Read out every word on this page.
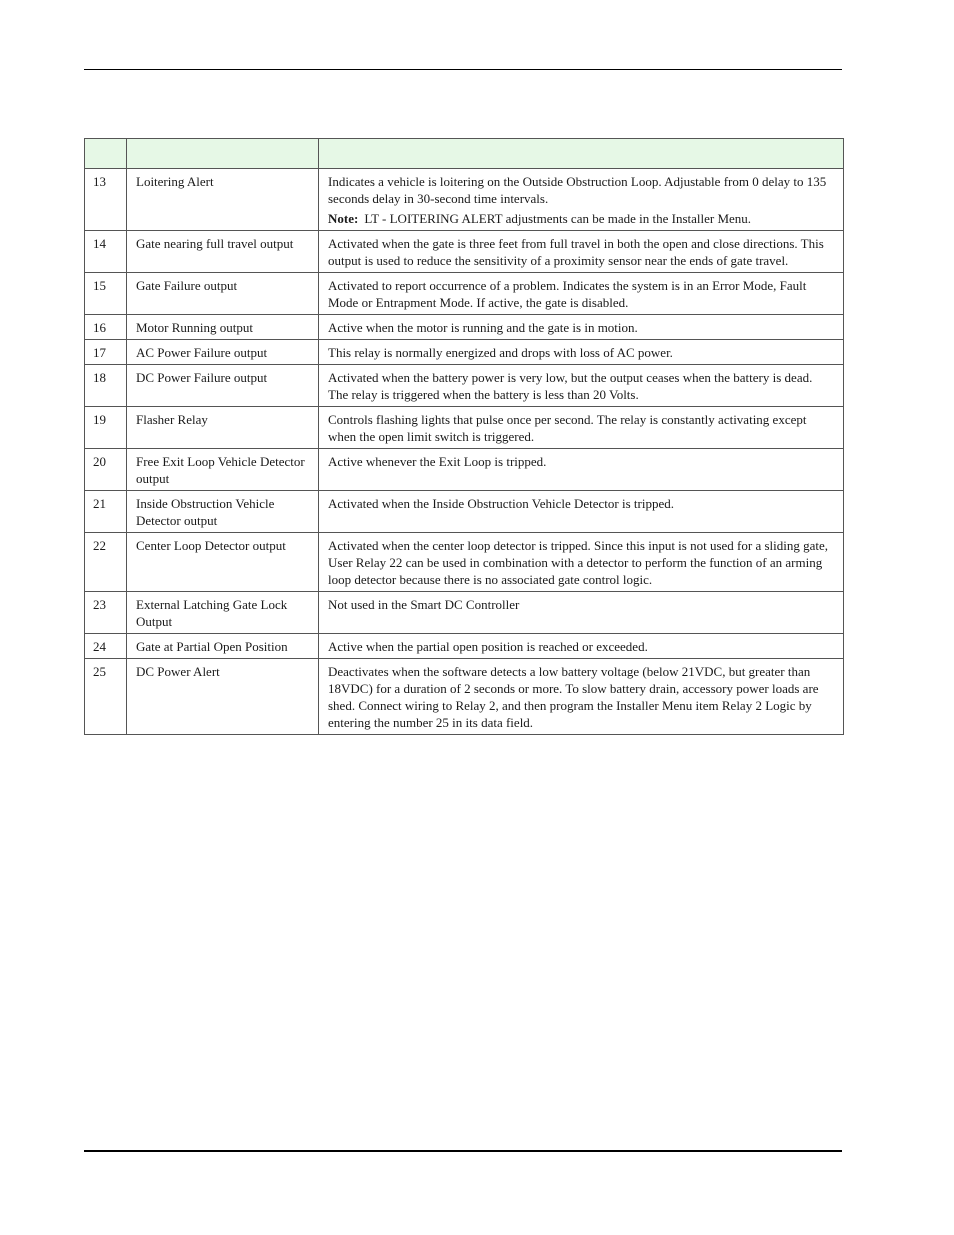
13	Loitering Alert	Indicates a vehicle is loitering on the Outside Obstruction Loop. Adjustable from 0 delay to 135 seconds delay in 30-second time intervals.
Note: LT - LOITERING ALERT adjustments can be made in the Installer Menu.

14	Gate nearing full travel output	Activated when the gate is three feet from full travel in both the open and close directions. This output is used to reduce the sensitivity of a proximity sensor near the ends of gate travel.
15	Gate Failure output	Activated to report occurrence of a problem. Indicates the system is in an Error Mode, Fault Mode or Entrapment Mode. If active, the gate is disabled.
16	Motor Running output	Active when the motor is running and the gate is in motion.
17	AC Power Failure output	This relay is normally energized and drops with loss of AC power.
18	DC Power Failure output	Activated when the battery power is very low, but the output ceases when the battery is dead. The relay is triggered when the battery is less than 20 Volts.
19	Flasher Relay	Controls flashing lights that pulse once per second. The relay is constantly activating except when the open limit switch is triggered.
20	Free Exit Loop Vehicle Detector output	Active whenever the Exit Loop is tripped.
21	Inside Obstruction Vehicle Detector output	Activated when the Inside Obstruction Vehicle Detector is tripped.
22	Center Loop Detector output	Activated when the center loop detector is tripped. Since this input is not used for a sliding gate, User Relay 22 can be used in combination with a detector to perform the function of an arming loop detector because there is no associated gate control logic.
23	External Latching Gate Lock Output	Not used in the Smart DC Controller
24	Gate at Partial Open Position	Active when the partial open position is reached or exceeded.
25	DC Power Alert	Deactivates when the software detects a low battery voltage (below 21VDC, but greater than 18VDC) for a duration of 2 seconds or more. To slow battery drain, accessory power loads are shed. Connect wiring to Relay 2, and then program the Installer Menu item Relay 2 Logic by entering the number 25 in its data field.
